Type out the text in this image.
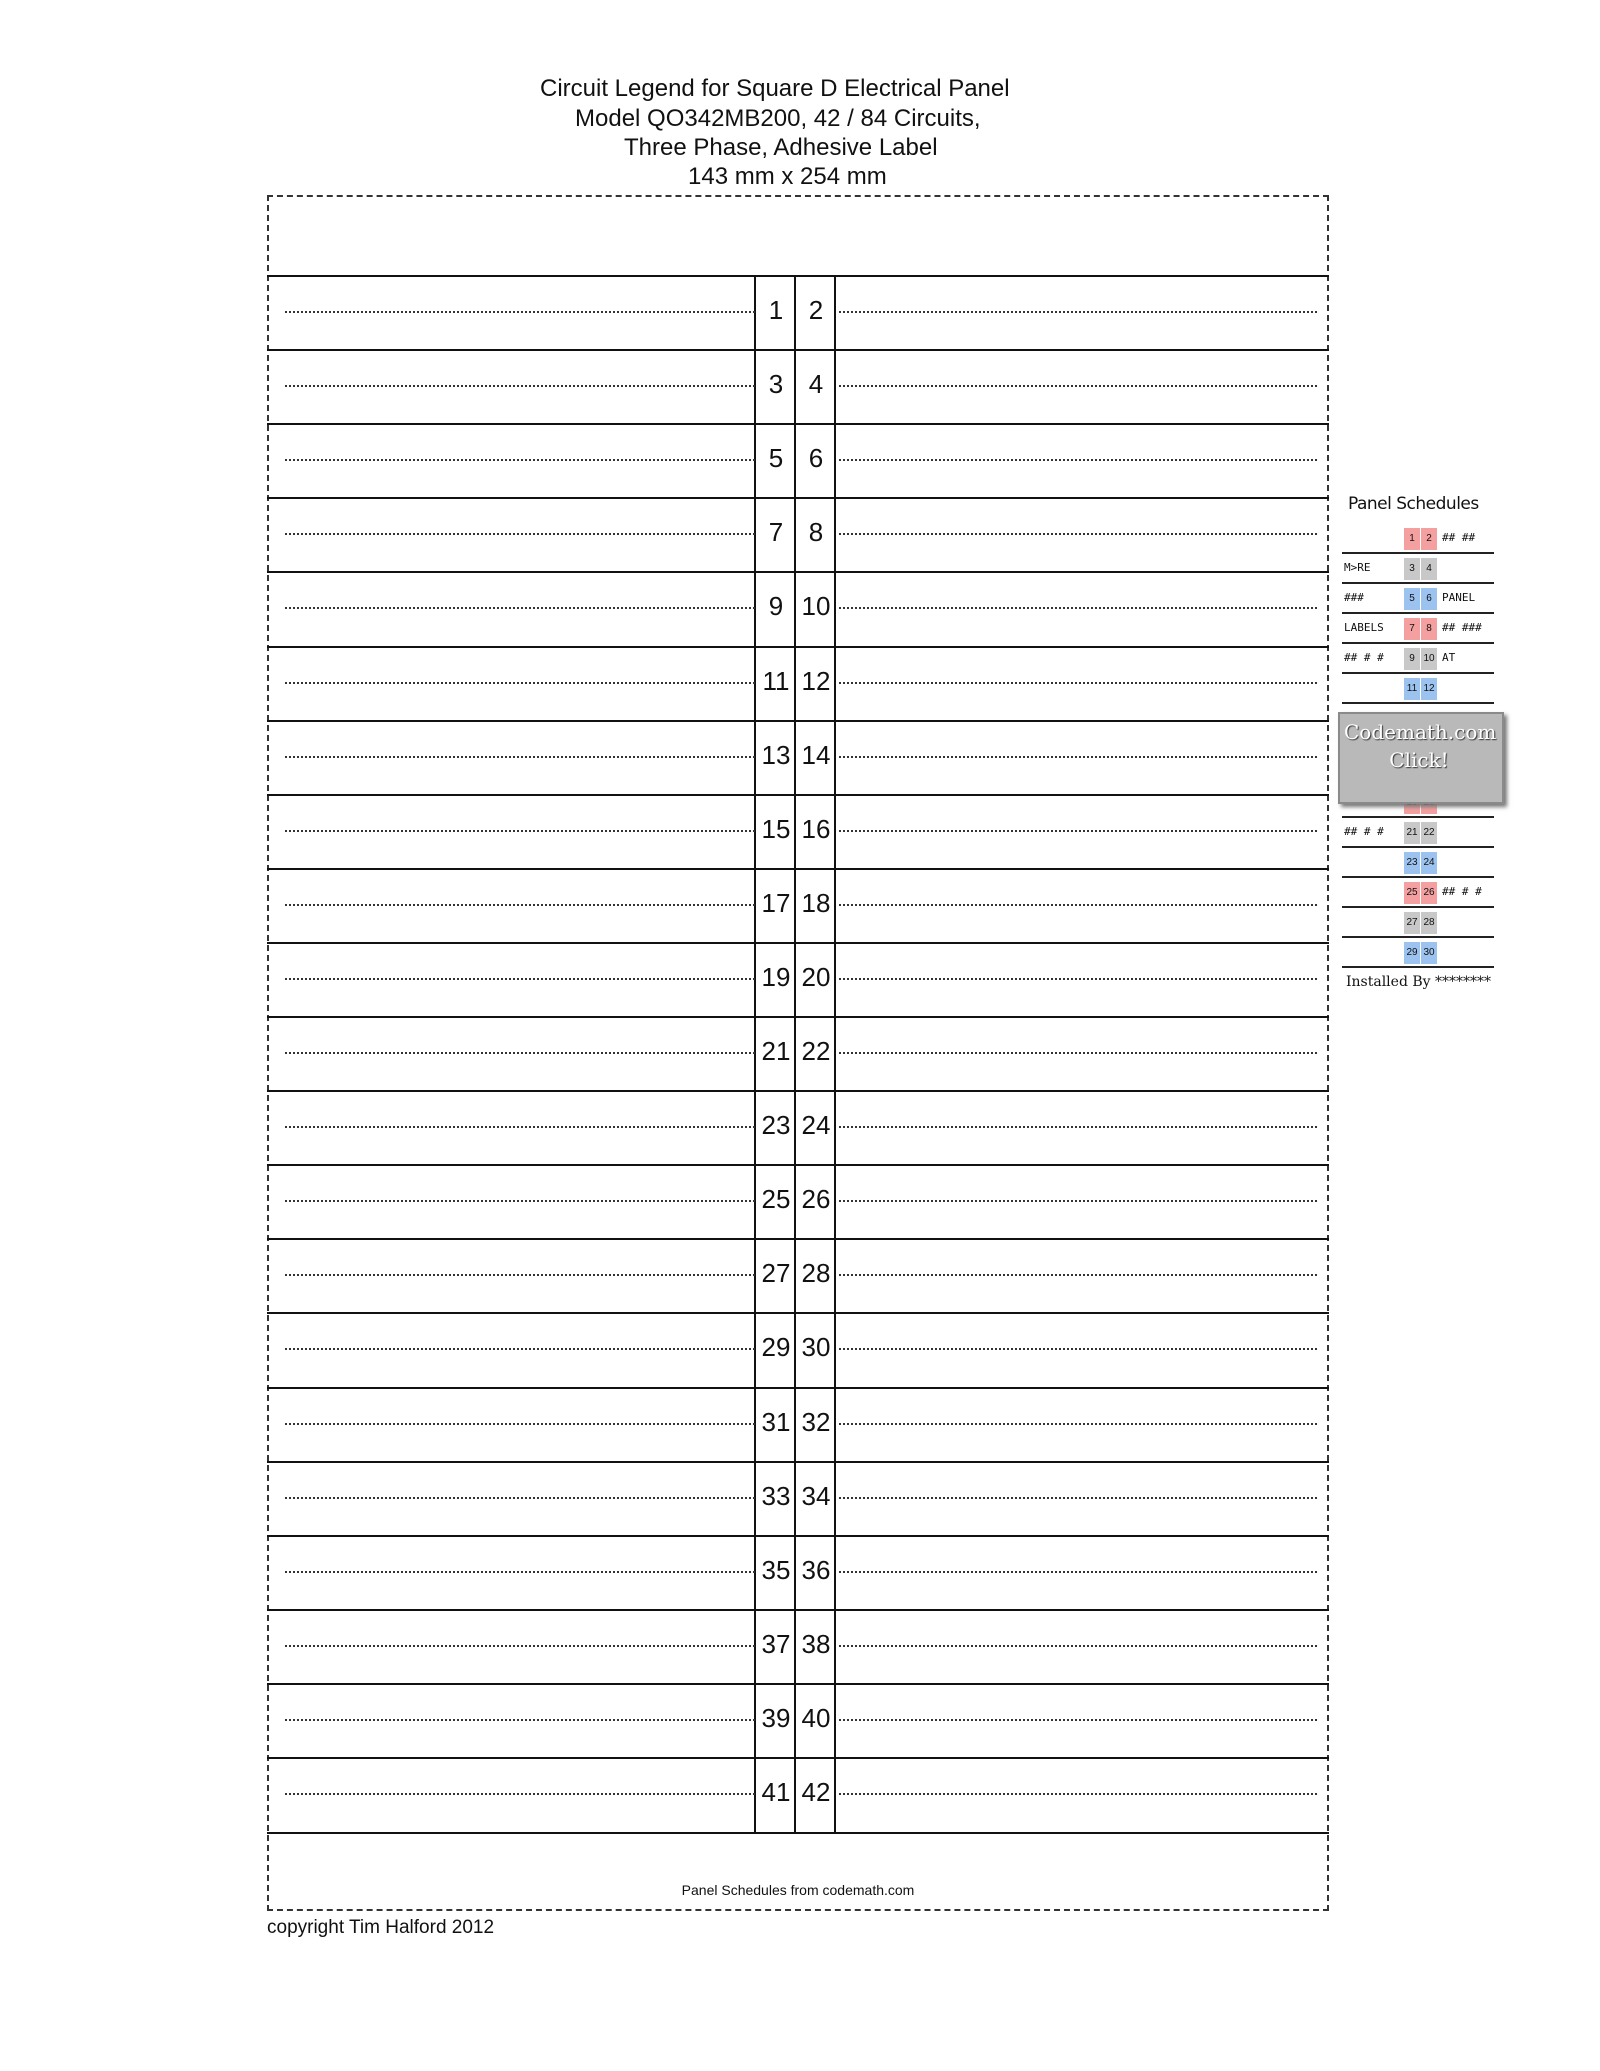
Circuit Legend for Square D Electrical Panel
Model QO342MB200, 42 / 84 Circuits,
Three Phase, Adhesive Label
143 mm x 254 mm
1 2
3 4
5 6
7 8
9 10
11 12
13 14
15 16
17 18
19 20
21 22
23 24
25 26
27 28
29 30
31 32
33 34
35 36
37 38
39 40
41 42
Panel Schedules from codemath.com
copyright Tim Halford 2012
Panel Schedules
1	2 ## ##
M>RE	3	4
###	5	6 PANEL
LABELS	7	8 ## ###
## # #	9 10 AT
11 12
## # # 21 22
23 24
25 26 ## # #
27 28
29 30
Codemath.com
Click!
Installed By ********
